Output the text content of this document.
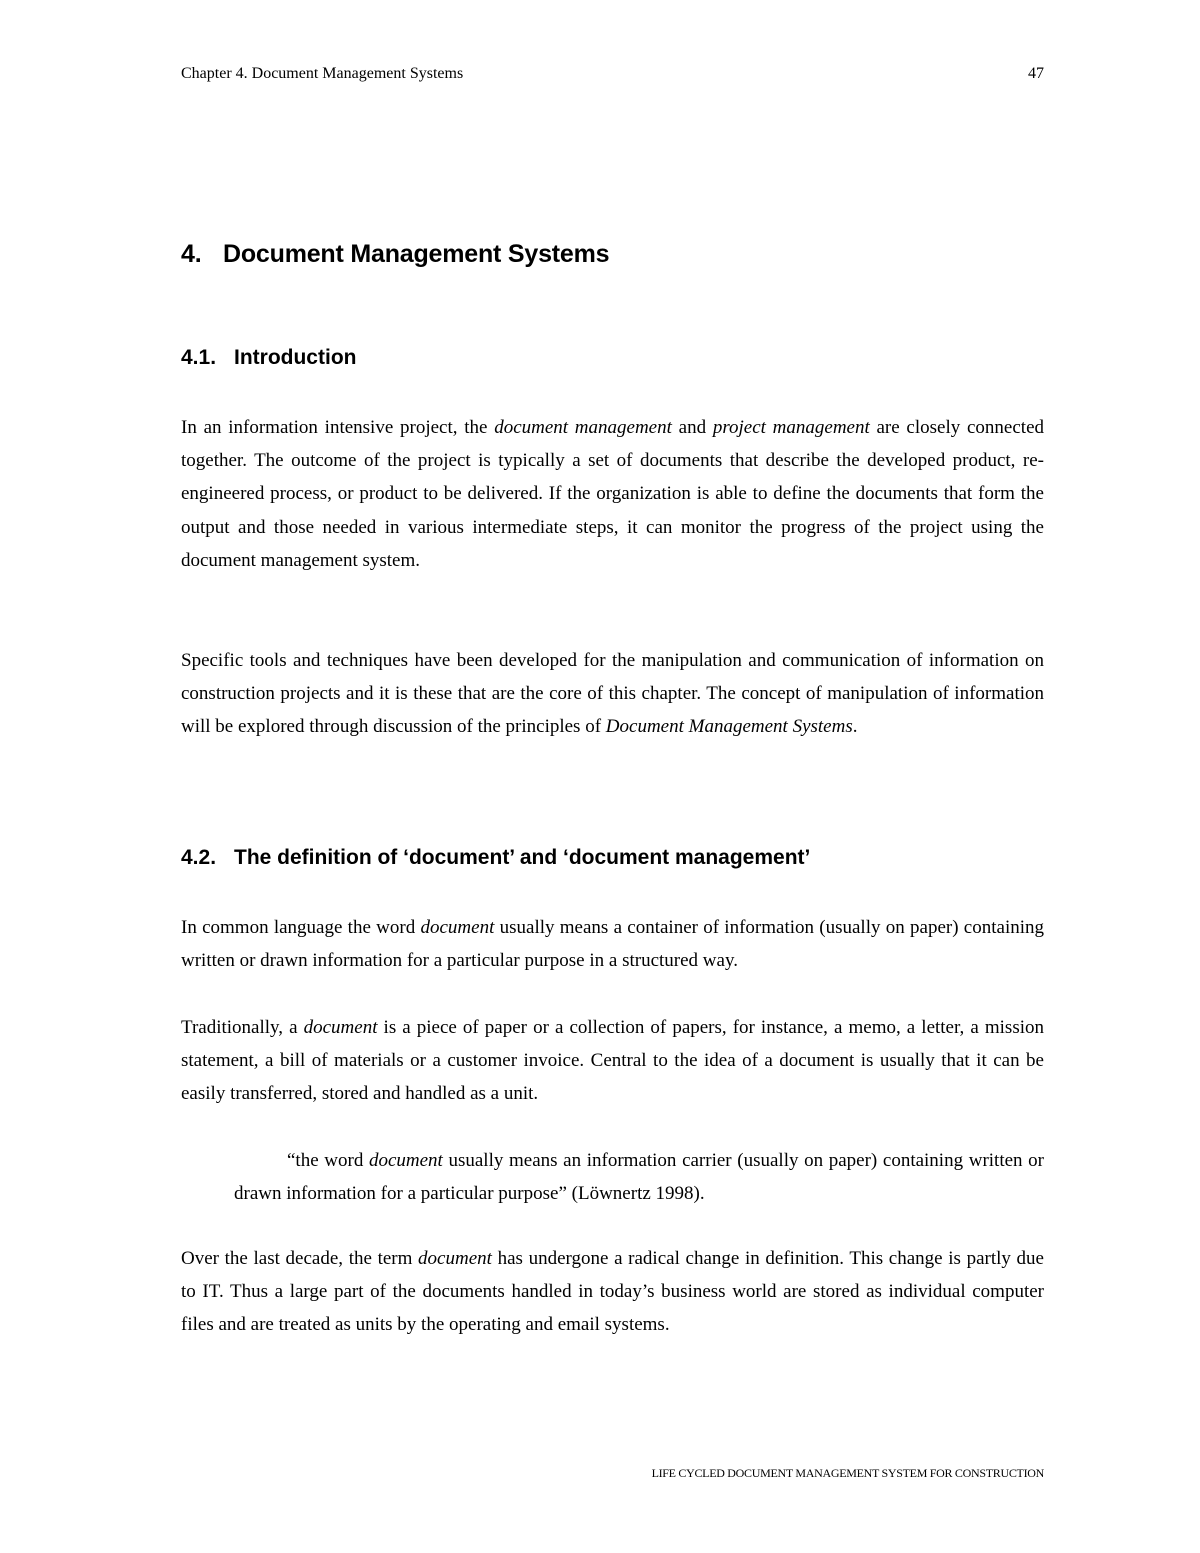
Chapter 4. Document Management Systems	47
4. Document Management Systems
4.1. Introduction

In an information intensive project, the document management and project management are closely connected together. The outcome of the project is typically a set of documents that describe the developed product, re-engineered process, or product to be delivered. If the organization is able to define the documents that form the output and those needed in various intermediate steps, it can monitor the progress of the project using the document management system.

Specific tools and techniques have been developed for the manipulation and communication of information on construction projects and it is these that are the core of this chapter. The concept of manipulation of information will be explored through discussion of the principles of Document Management Systems.

4.2. The definition of ‘document’ and ‘document management’

In common language the word document usually means a container of information (usually on paper) containing written or drawn information for a particular purpose in a structured way.

Traditionally, a document is a piece of paper or a collection of papers, for instance, a memo, a letter, a mission statement, a bill of materials or a customer invoice. Central to the idea of a document is usually that it can be easily transferred, stored and handled as a unit.

“the word document usually means an information carrier (usually on paper) containing written or drawn information for a particular purpose” (Löwnertz 1998).

Over the last decade, the term document has undergone a radical change in definition. This change is partly due to IT. Thus a large part of the documents handled in today’s business world are stored as individual computer files and are treated as units by the operating and email systems.

LIFE CYCLED DOCUMENT MANAGEMENT SYSTEM FOR CONSTRUCTION
